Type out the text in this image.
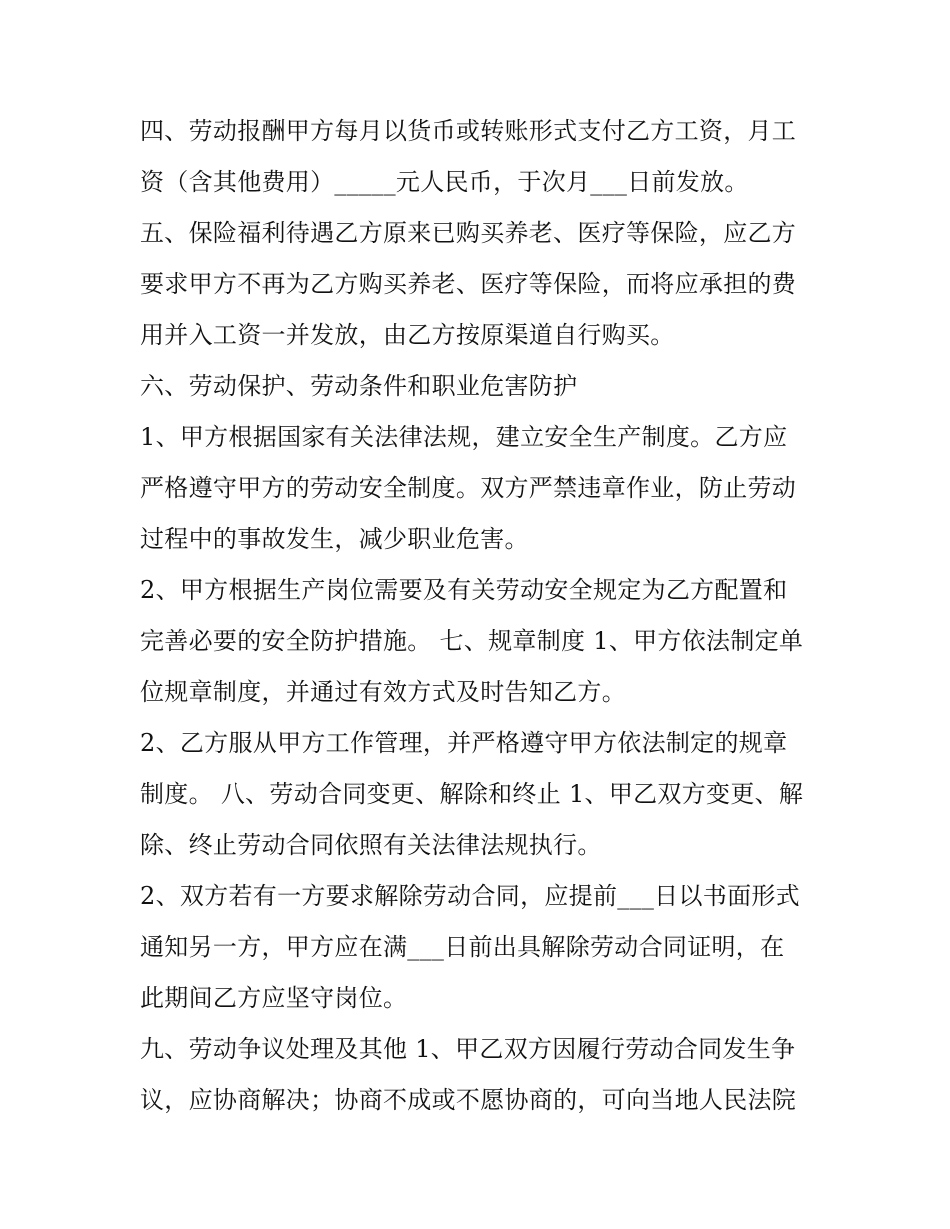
四、劳动报酬甲方每月以货币或转账形式支付乙方工资，月工
资（含其他费用）_____元人民币，于次月___日前发放。
五、保险福利待遇乙方原来已购买养老、医疗等保险，应乙方
要求甲方不再为乙方购买养老、医疗等保险，而将应承担的费
用并入工资一并发放，由乙方按原渠道自行购买。
六、劳动保护、劳动条件和职业危害防护
1、甲方根据国家有关法律法规，建立安全生产制度。乙方应
严格遵守甲方的劳动安全制度。双方严禁违章作业，防止劳动
过程中的事故发生，减少职业危害。
2、甲方根据生产岗位需要及有关劳动安全规定为乙方配置和
完善必要的安全防护措施。 七、规章制度 1、甲方依法制定单
位规章制度，并通过有效方式及时告知乙方。
2、乙方服从甲方工作管理，并严格遵守甲方依法制定的规章
制度。 八、劳动合同变更、解除和终止 1、甲乙双方变更、解
除、终止劳动合同依照有关法律法规执行。
2、双方若有一方要求解除劳动合同，应提前___日以书面形式
通知另一方，甲方应在满___日前出具解除劳动合同证明，在
此期间乙方应坚守岗位。
九、劳动争议处理及其他 1、甲乙双方因履行劳动合同发生争
议，应协商解决；协商不成或不愿协商的，可向当地人民法院
